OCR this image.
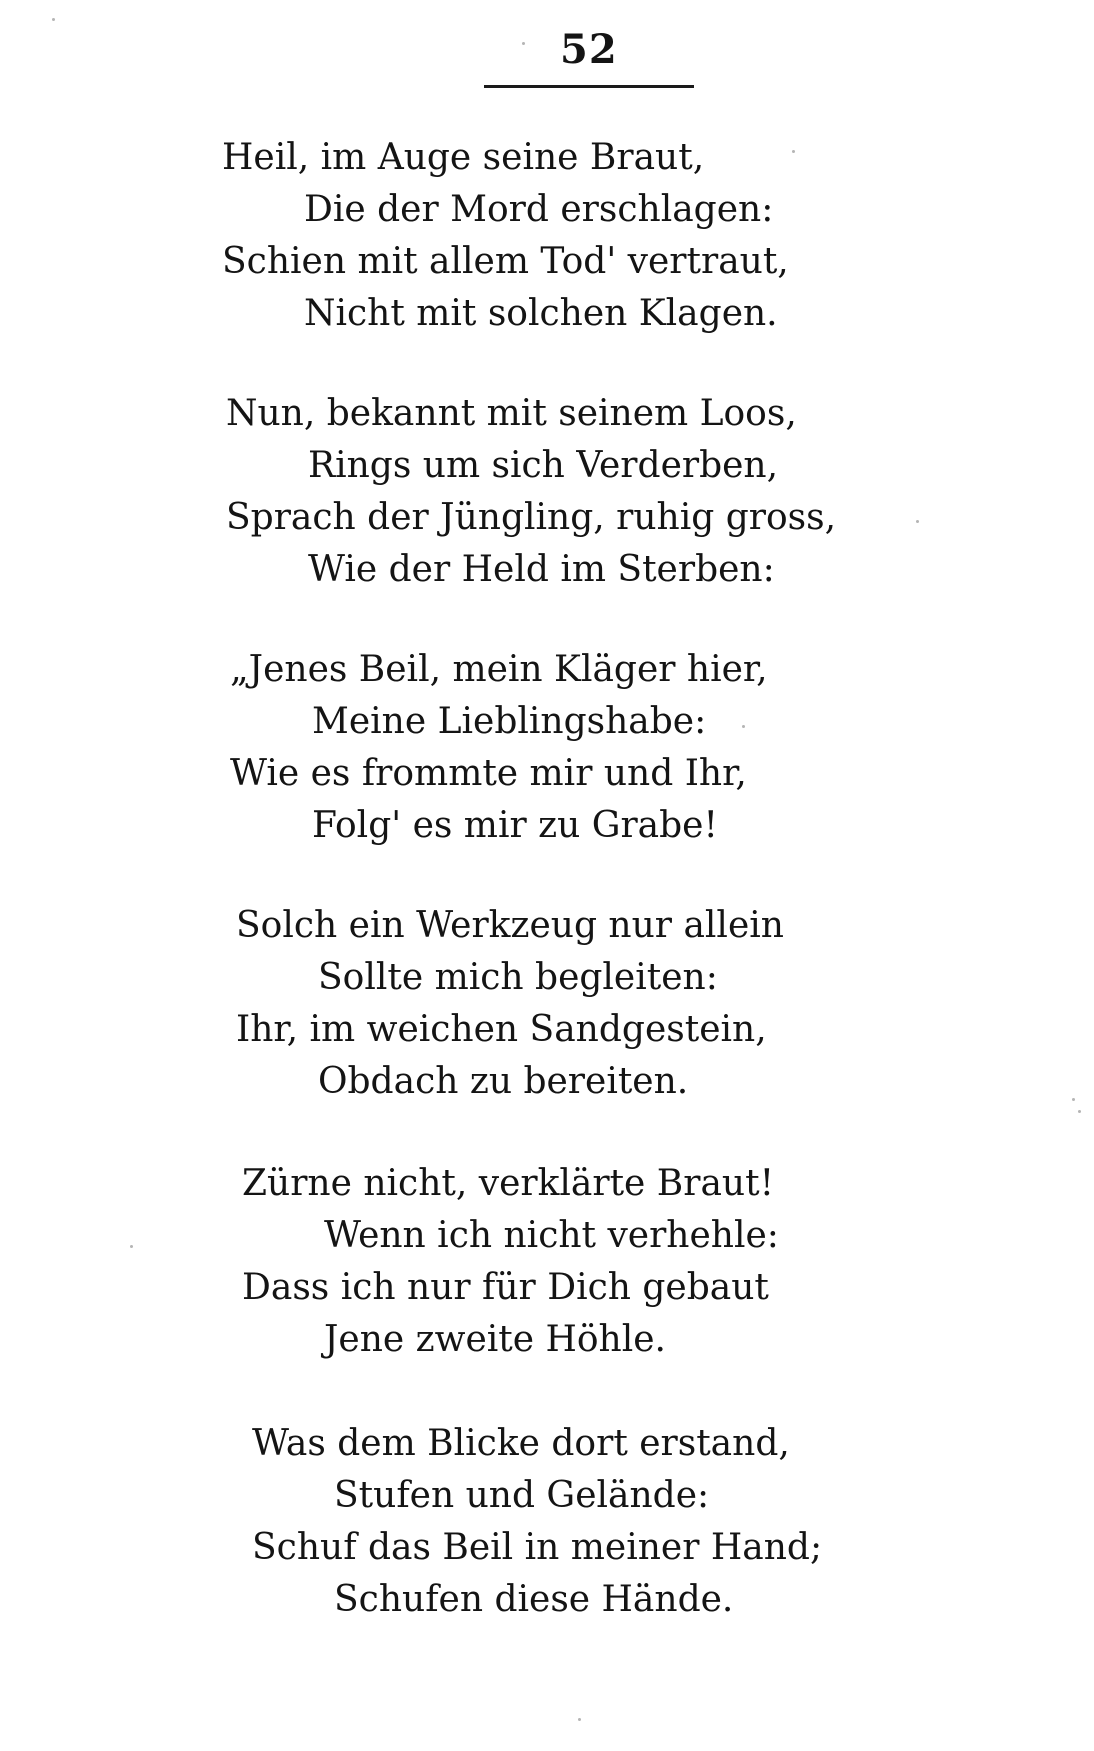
52
Heil, im Auge seine Braut,
Die der Mord erschlagen:
Schien mit allem Tod' vertraut,
Nicht mit solchen Klagen.
Nun, bekannt mit seinem Loos,
Rings um sich Verderben,
Sprach der Jüngling, ruhig gross,
Wie der Held im Sterben:
„Jenes Beil, mein Kläger hier,
Meine Lieblingshabe:
Wie es frommte mir und Ihr,
Folg' es mir zu Grabe!
Solch ein Werkzeug nur allein
Sollte mich begleiten:
Ihr, im weichen Sandgestein,
Obdach zu bereiten.
Zürne nicht, verklärte Braut!
Wenn ich nicht verhehle:
Dass ich nur für Dich gebaut
Jene zweite Höhle.
Was dem Blicke dort erstand,
Stufen und Gelände:
Schuf das Beil in meiner Hand;
Schufen diese Hände.
